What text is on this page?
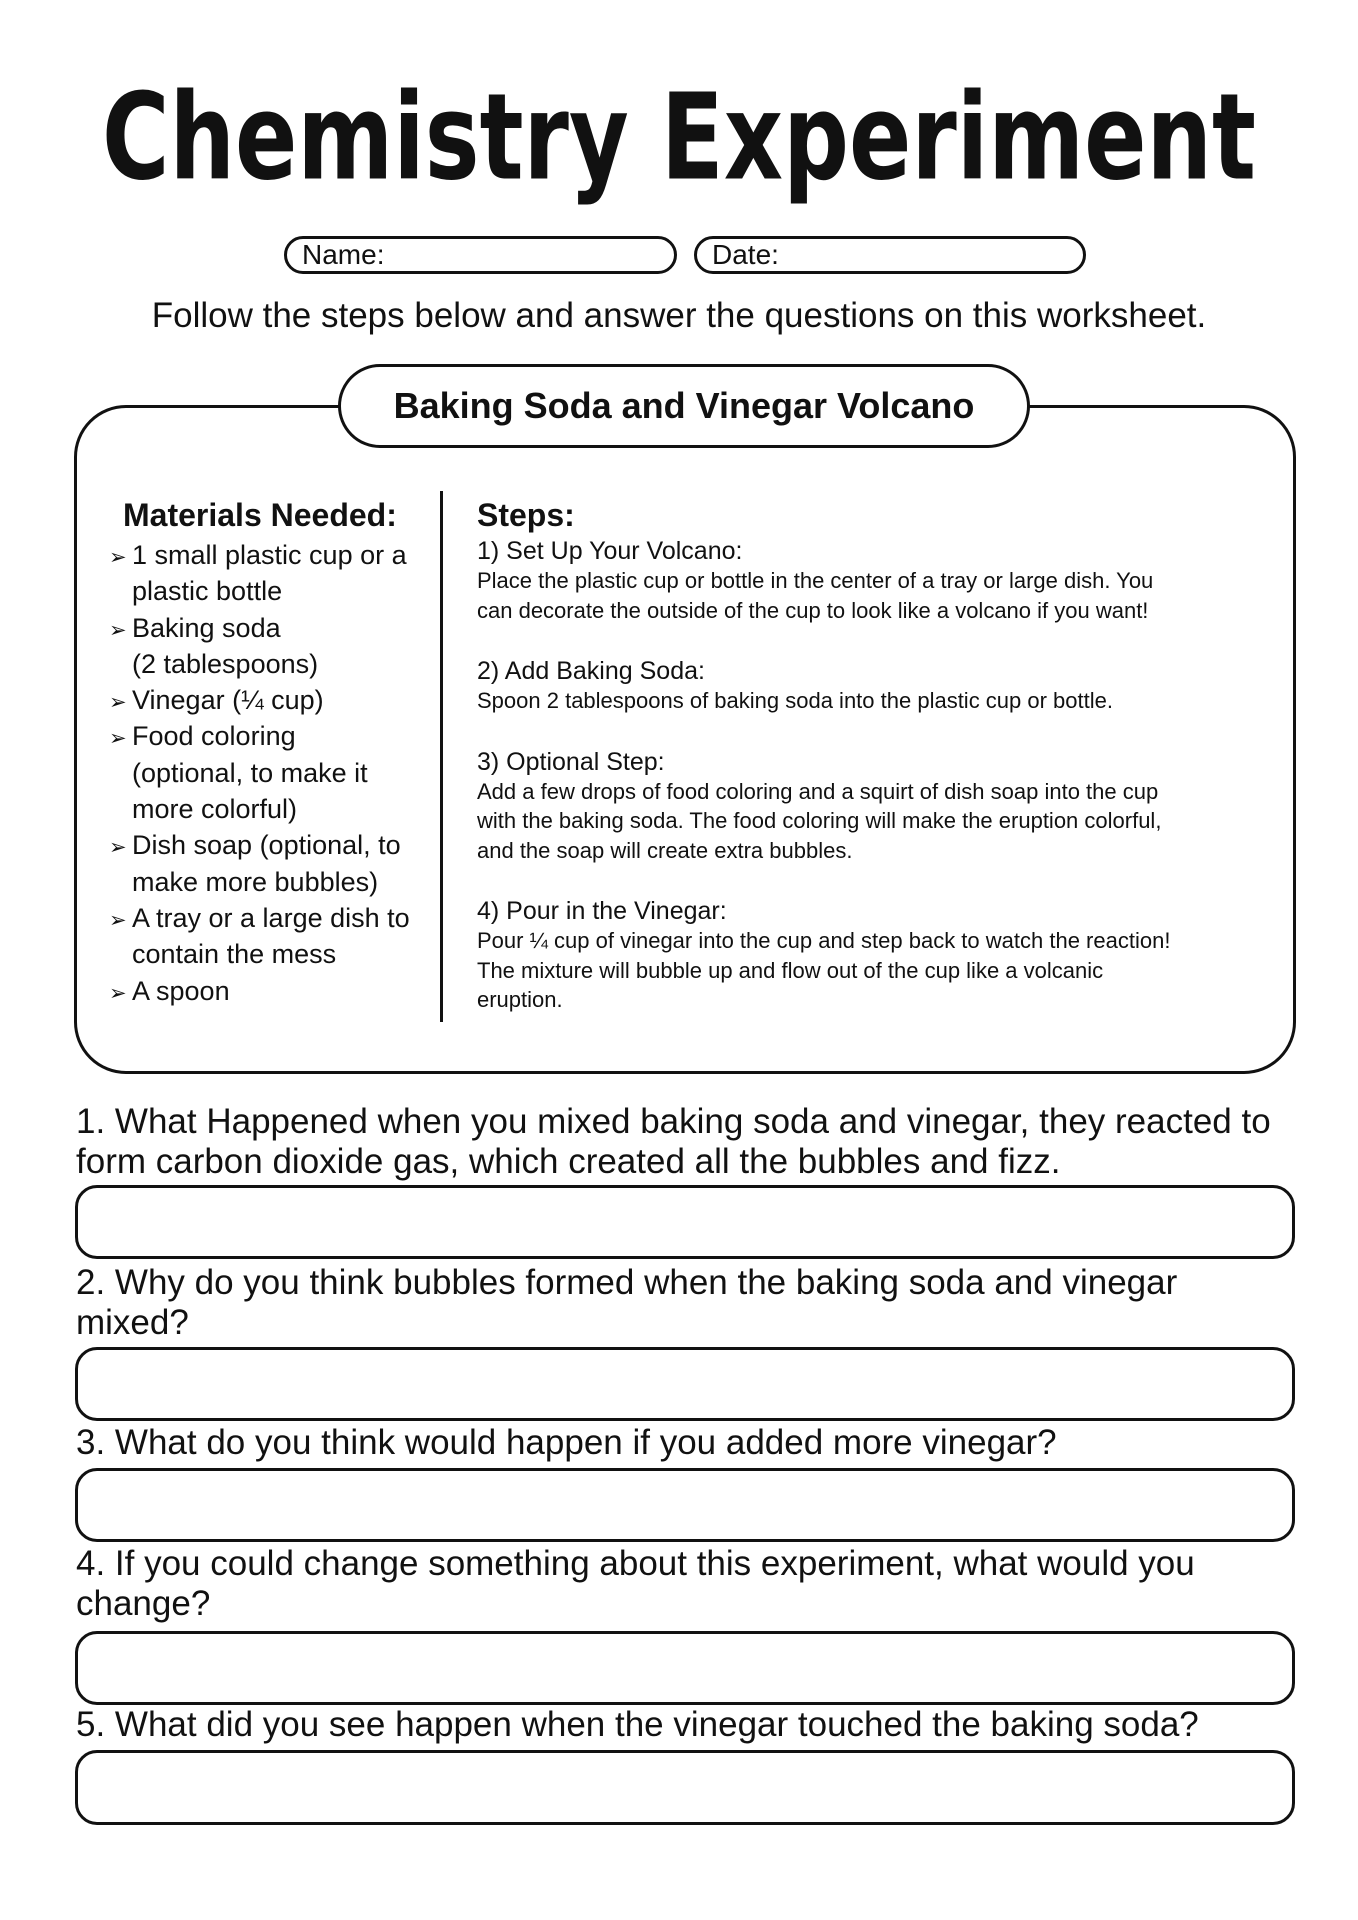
Chemistry Experiment
Name:	Date:
Follow the steps below and answer the questions on this worksheet.
Baking Soda and Vinegar Volcano
Materials Needed:
➢ 1 small plastic cup or a
plastic bottle
➢ Baking soda
(2 tablespoons)
➢ Vinegar (¼ cup)
➢ Food coloring
(optional, to make it
more colorful)
➢ Dish soap (optional, to
make more bubbles)
➢ A tray or a large dish to
contain the mess
➢ A spoon
Steps:
1) Set Up Your Volcano:
Place the plastic cup or bottle in the center of a tray or large dish. You
can decorate the outside of the cup to look like a volcano if you want!
2) Add Baking Soda:
Spoon 2 tablespoons of baking soda into the plastic cup or bottle.
3) Optional Step:
Add a few drops of food coloring and a squirt of dish soap into the cup
with the baking soda. The food coloring will make the eruption colorful,
and the soap will create extra bubbles.
4) Pour in the Vinegar:
Pour ¼ cup of vinegar into the cup and step back to watch the reaction!
The mixture will bubble up and flow out of the cup like a volcanic
eruption.
1. What Happened when you mixed baking soda and vinegar, they reacted to
form carbon dioxide gas, which created all the bubbles and fizz.
2. Why do you think bubbles formed when the baking soda and vinegar
mixed?
3. What do you think would happen if you added more vinegar?
4. If you could change something about this experiment, what would you
change?
5. What did you see happen when the vinegar touched the baking soda?
